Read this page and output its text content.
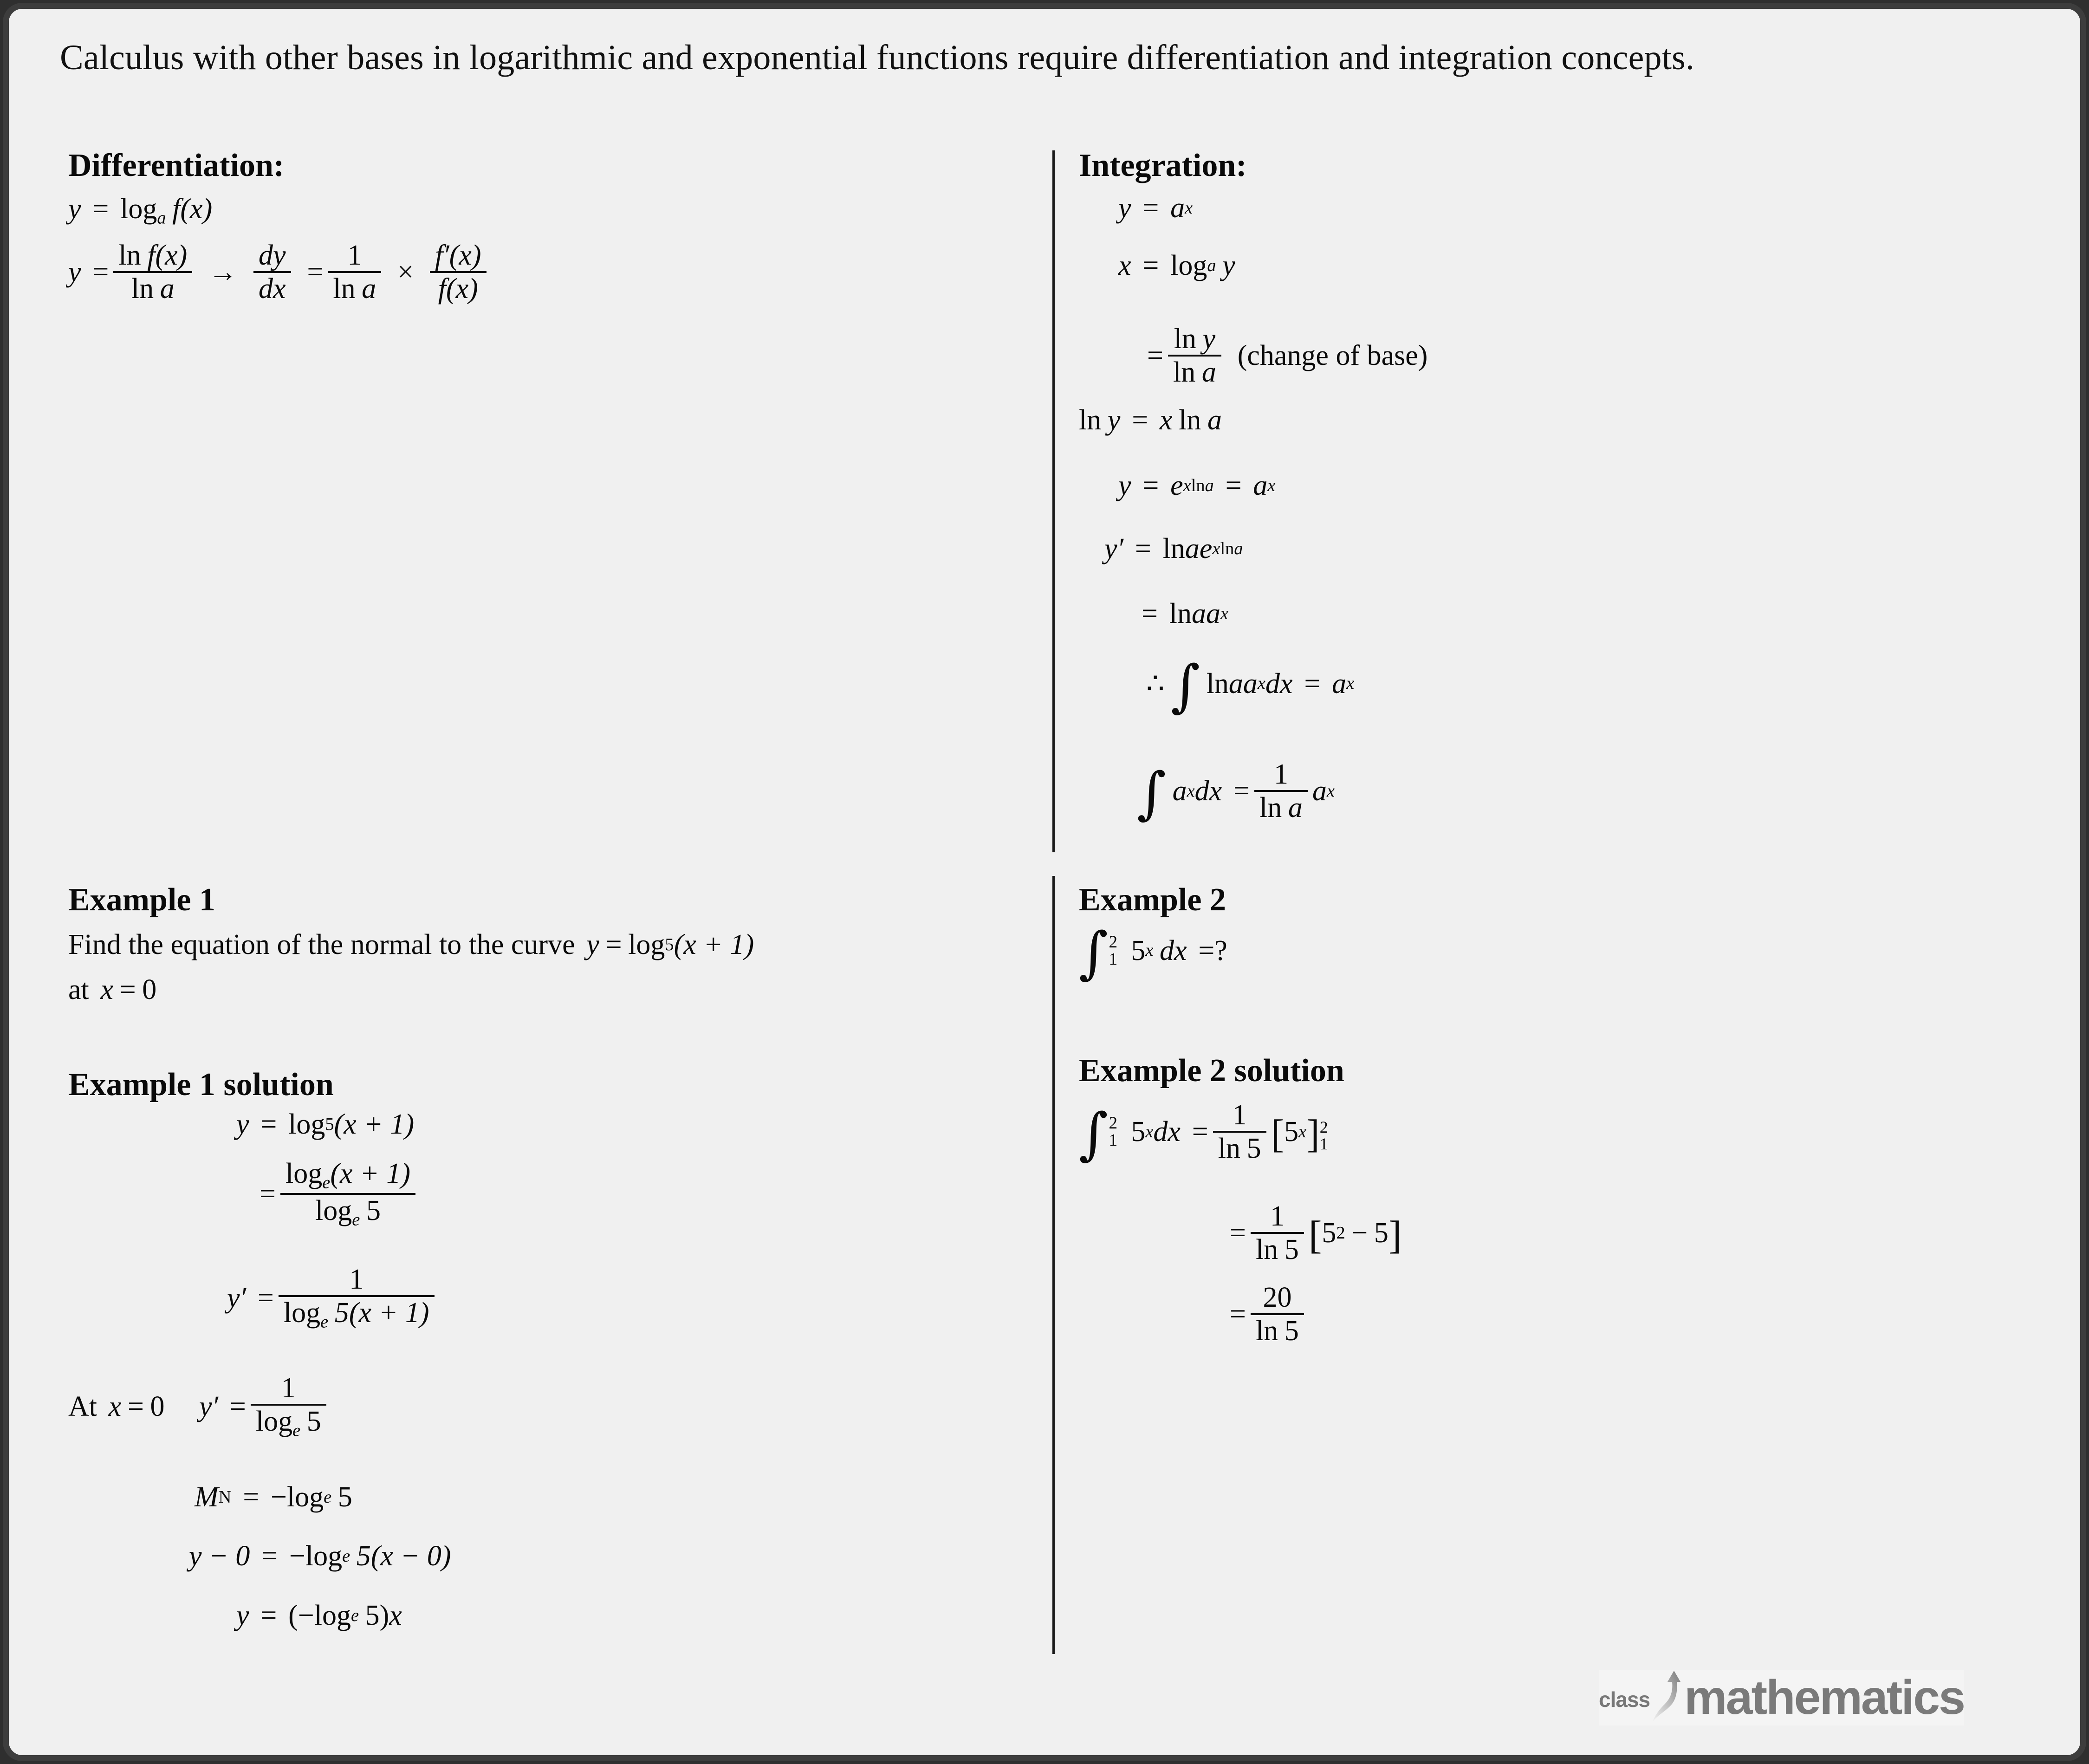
Calculus with other bases in logarithmic and exponential functions require differentiation and integration concepts.
Differentiation:
$y = \log_a f(x)$
$y = \frac{\text{ln f(x)}}{\text{ln a}} \to \frac{dy}{dx} = \frac{1}{\text{ln a}} \times \frac{f'(x)}{f(x)}$
Example 1
Find the equation of the normal to the curve y = log 5 (x + 1)
at x = 0
Example 1 solution
y = log 5 (x + 1)
= $\frac{\log_e(x + 1)}{\log_e 5}$
$y' = \frac{1}{\log_e 5(x + 1)}$
At x = 0 $y' = \frac{1}{\log_e 5}$
M N = − log e 5
y − 0 = − log e 5(x − 0)
y = ( − log e 5) x
Integration:
y = a x
x = log a y
= $\frac{\text{ln y}}{\text{ln a}}$ (change of base)
ln y = x ln a
y = e xlna = a x
y′ = ln a e xlna
= ln a a x
∴ ∫ ln a a x dx = a x
∫ a x dx = $\frac{1}{\text{ln a}}$ a x
Example 2
∫ 2
1 5 x dx =?
Example 2 solution
∫ 2
1 5 x dx = $\frac{1}{\ln 5}$ [ 5 x ] 2
1
= $\frac{1}{\ln 5}$ [ 5 2 − 5 ]
= $\frac{20}{\ln 5}$
class mathematics
